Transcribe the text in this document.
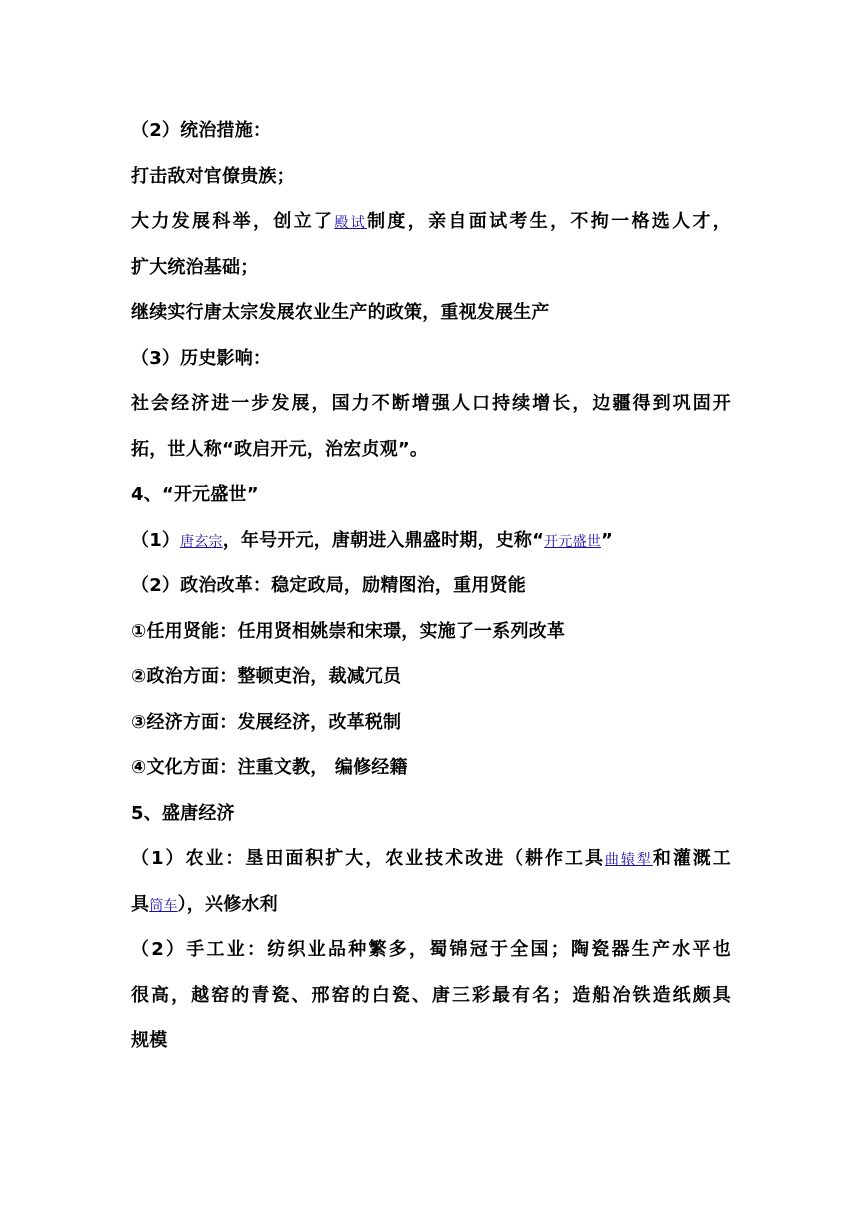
（2）统治措施：
打击敌对官僚贵族；
大力发展科举，创立了殿试制度，亲自面试考生，不拘一格选人才，
扩大统治基础；
继续实行唐太宗发展农业生产的政策，重视发展生产
（3）历史影响：
社会经济进一步发展，国力不断增强人口持续增长，边疆得到巩固开
拓，世人称“政启开元，治宏贞观”。
4、“开元盛世”
（1）唐玄宗，年号开元，唐朝进入鼎盛时期，史称“开元盛世”
（2）政治改革：稳定政局，励精图治，重用贤能
①任用贤能：任用贤相姚崇和宋璟，实施了一系列改革
②政治方面：整顿吏治，裁减冗员
③经济方面：发展经济，改革税制
④文化方面：注重文教， 编修经籍
5、盛唐经济
（1）农业：垦田面积扩大，农业技术改进（耕作工具曲辕犁和灌溉工
具筒车），兴修水利
（2）手工业：纺织业品种繁多，蜀锦冠于全国；陶瓷器生产水平也
很高，越窑的青瓷、邢窑的白瓷、唐三彩最有名；造船冶铁造纸颇具
规模
